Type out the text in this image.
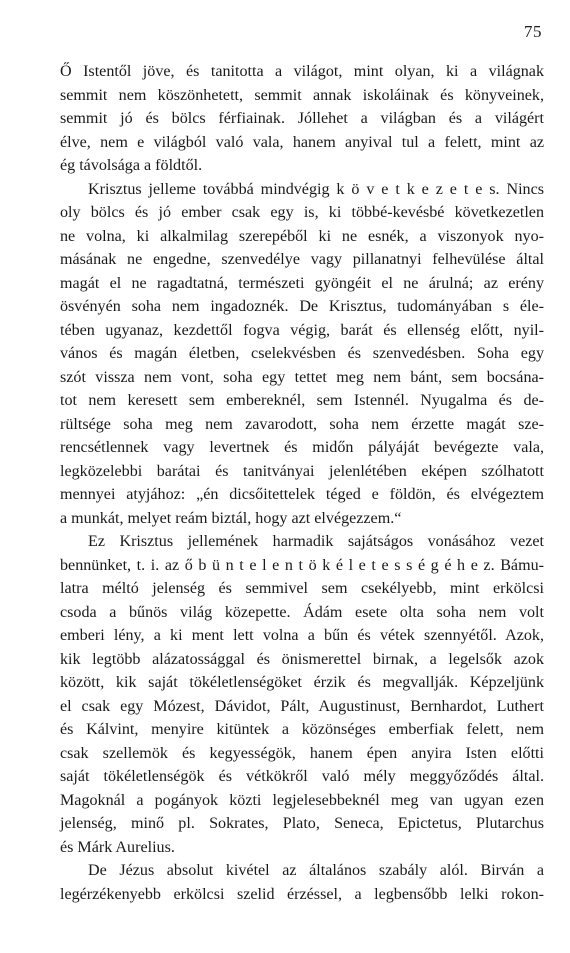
75
Ő Istentől jöve, és tanitotta a világot, mint olyan, ki a világnak
semmit nem köszönhetett, semmit annak iskoláinak és könyveinek,
semmit jó és bölcs férfiainak. Jóllehet a világban és a világért
élve, nem e világból való vala, hanem anyival tul a felett, mint az
ég távolsága a földtől.
Krisztus jelleme továbbá mindvégig k ö v e t k e z e t e s. Nincs
oly bölcs és jó ember csak egy is, ki többé-kevésbé következetlen
ne volna, ki alkalmilag szerepéből ki ne esnék, a viszonyok nyo-
másának ne engedne, szenvedélye vagy pillanatnyi felhevülése által
magát el ne ragadtatná, természeti gyöngéit el ne árulná; az erény
ösvényén soha nem ingadoznék. De Krisztus, tudományában s éle-
tében ugyanaz, kezdettől fogva végig, barát és ellenség előtt, nyil-
vános és magán életben, cselekvésben és szenvedésben. Soha egy
szót vissza nem vont, soha egy tettet meg nem bánt, sem bocsána-
tot nem keresett sem embereknél, sem Istennél. Nyugalma és de-
rültsége soha meg nem zavarodott, soha nem érzette magát sze-
rencsétlennek vagy levertnek és midőn pályáját bevégezte vala,
legközelebbi barátai és tanitványai jelenlétében eképen szólhatott
mennyei atyjához: „én dicsőitettelek téged e földön, és elvégeztem
a munkát, melyet reám biztál, hogy azt elvégezzem.“
Ez Krisztus jellemének harmadik sajátságos vonásához vezet
bennünket, t. i. az ő b ü n t e l e n t ö k é l e t e s s é g é h e z. Bámu-
latra méltó jelenség és semmivel sem csekélyebb, mint erkölcsi
csoda a bűnös világ közepette. Ádám esete olta soha nem volt
emberi lény, a ki ment lett volna a bűn és vétek szennyétől. Azok,
kik legtöbb alázatossággal és önismerettel birnak, a legelsők azok
között, kik saját tökéletlenségöket érzik és megvallják. Képzeljünk
el csak egy Mózest, Dávidot, Pált, Augustinust, Bernhardot, Luthert
és Kálvint, menyire kitüntek a közönséges emberfiak felett, nem
csak szellemök és kegyességök, hanem épen anyira Isten előtti
saját tökéletlenségök és vétkökről való mély meggyőződés által.
Magoknál a pogányok közti legjelesebbeknél meg van ugyan ezen
jelenség, minő pl. Sokrates, Plato, Seneca, Epictetus, Plutarchus
és Márk Aurelius.
De Jézus absolut kivétel az általános szabály alól. Birván a
legérzékenyebb erkölcsi szelid érzéssel, a legbensőbb lelki rokon-
